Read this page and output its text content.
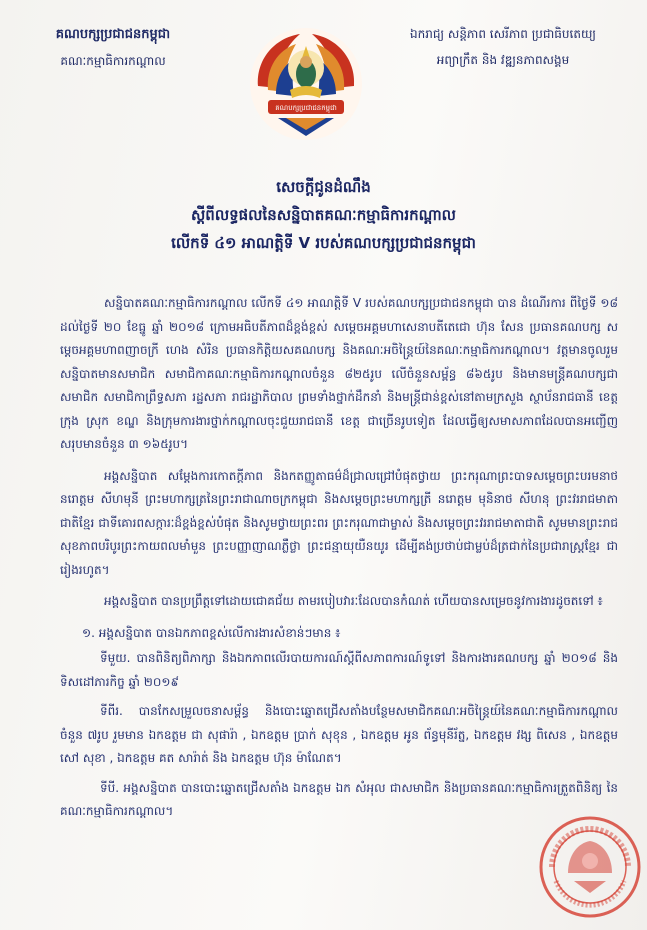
គណបក្សប្រជាជនកម្ពុជា
គណៈកម្មាធិការកណ្តាល
គណបក្សប្រជាជនកម្ពុជា
ឯករាជ្យ សន្តិភាព សេរីភាព ប្រជាធិបតេយ្យ
អព្យាក្រឹត និង វឌ្ឍនភាពសង្គម
សេចក្តីជូនដំណឹង
ស្តីពីលទ្ធផលនៃសន្និបាតគណៈកម្មាធិការកណ្តាល
លើកទី ៤១ អាណត្តិទី V របស់គណបក្សប្រជាជនកម្ពុជា

សន្និបាតគណៈកម្មាធិការកណ្តាល លើកទី ៤១ អាណត្តិទី V របស់គណបក្សប្រជាជនកម្ពុជា បាន ដំណើរការ ពីថ្ងៃទី ១៨ ដល់ថ្ងៃទី ២០ ខែធ្នូ ឆ្នាំ ២០១៨ ក្រោមអធិបតីភាពដ៏ខ្ពង់ខ្ពស់ សម្តេចអគ្គមហាសេនាបតីតេជោ ហ៊ុន សែន ប្រធានគណបក្ស សម្តេចអគ្គមហាពញាចក្រី ហេង សំរិន ប្រធានកិត្តិយសគណបក្ស និងគណៈអចិន្ត្រៃយ៍នៃគណៈកម្មាធិការកណ្តាល។ វត្តមានចូលរួមសន្និបាតមានសមាជិក សមាជិកាគណៈកម្មាធិការកណ្តាលចំនួន ៨២៥រូប លើចំនួនសម្ព័ន្ធ ៨៦៥រូប និងមានមន្ត្រីគណបក្សជាសមាជិក សមាជិកាព្រឹទ្ធសភា រដ្ឋសភា រាជរដ្ឋាភិបាល ព្រមទាំងថ្នាក់ដឹកនាំ និងមន្ត្រីជាន់ខ្ពស់នៅតាមក្រសួង ស្ថាប័នរាជធានី ខេត្ត ក្រុង ស្រុក ខណ្ឌ និងក្រុមការងារថ្នាក់កណ្តាលចុះជួយរាជធានី ខេត្ត ជាច្រើនរូបទៀត ដែលធ្វើឲ្យសមាសភាពដែលបានអញ្ជើញសរុបមានចំនួន ៣ ១៦៥រូប។

អង្គសន្និបាត សម្តែងការកោតក្តីភាព និងកតញ្ញូតាធម៌ដ៏ជ្រាលជ្រៅបំផុតថ្វាយ ព្រះករុណាព្រះបាទសម្តេចព្រះបរមនាថ នរោត្តម សីហមុនី ព្រះមហាក្សត្រនៃព្រះរាជាណាចក្រកម្ពុជា និងសម្តេចព្រះមហាក្សត្រី នរោត្តម មុនិនាថ សីហនុ ព្រះវររាជមាតាជាតិខ្មែរ ជាទីគោរពសក្ការៈដ៏ខ្ពង់ខ្ពស់បំផុត និងសូមថ្វាយព្រះពរ ព្រះករុណាជាម្ចាស់ និងសម្តេចព្រះវររាជមាតាជាតិ សូមមានព្រះរាជសុខភាពបរិបូរព្រះកាយពលមាំមួន ព្រះបញ្ញាញាណភ្លឺថ្លា ព្រះជន្មាយុយឺនយូរ ដើម្បីគង់ប្រថាប់ជាម្លប់ដ៏ត្រជាក់នៃប្រជារាស្ត្រខ្មែរ ជារៀងរហូត។

អង្គសន្និបាត បានប្រព្រឹត្តទៅដោយជោគជ័យ តាមរបៀបវារៈដែលបានកំណត់ ហើយបានសម្រេចនូវការងារដូចតទៅ ៖

១. អង្គសន្និបាត បានឯកភាពខ្ពស់លើការងារសំខាន់ៗមាន ៖

ទីមួយ. បានពិនិត្យពិភាក្សា និងឯកភាពលើរបាយការណ៍ស្តីពីសភាពការណ៍ទូទៅ និងការងារគណបក្ស ឆ្នាំ ២០១៨ និងទិសដៅភារកិច្ច ឆ្នាំ ២០១៩

ទីពីរ. បានកែសម្រួលចនាសម្ព័ន្ធ និងបោះឆ្នោតជ្រើសតាំងបន្ថែមសមាជិកគណៈអចិន្ត្រៃយ៍នៃគណៈកម្មាធិការកណ្តាល ចំនួន ៧រូប រួមមាន ឯកឧត្តម ជា សុផារ៉ា , ឯកឧត្តម ប្រាក់ សុខុន , ឯកឧត្តម អូន ព័ន្ធមុនីរ័ត្ន, ឯកឧត្តម វង្ស ពិសេន , ឯកឧត្តម សៅ សុខា , ឯកឧត្តម គត សារ៉ាត់ និង ឯកឧត្តម ហ៊ុន ម៉ាណែត។

ទីបី. អង្គសន្និបាត បានបោះឆ្នោតជ្រើសតាំង ឯកឧត្តម ឯក សំអុល ជាសមាជិក និងប្រធានគណៈកម្មាធិការត្រួតពិនិត្យ នៃគណៈកម្មាធិការកណ្តាល។
